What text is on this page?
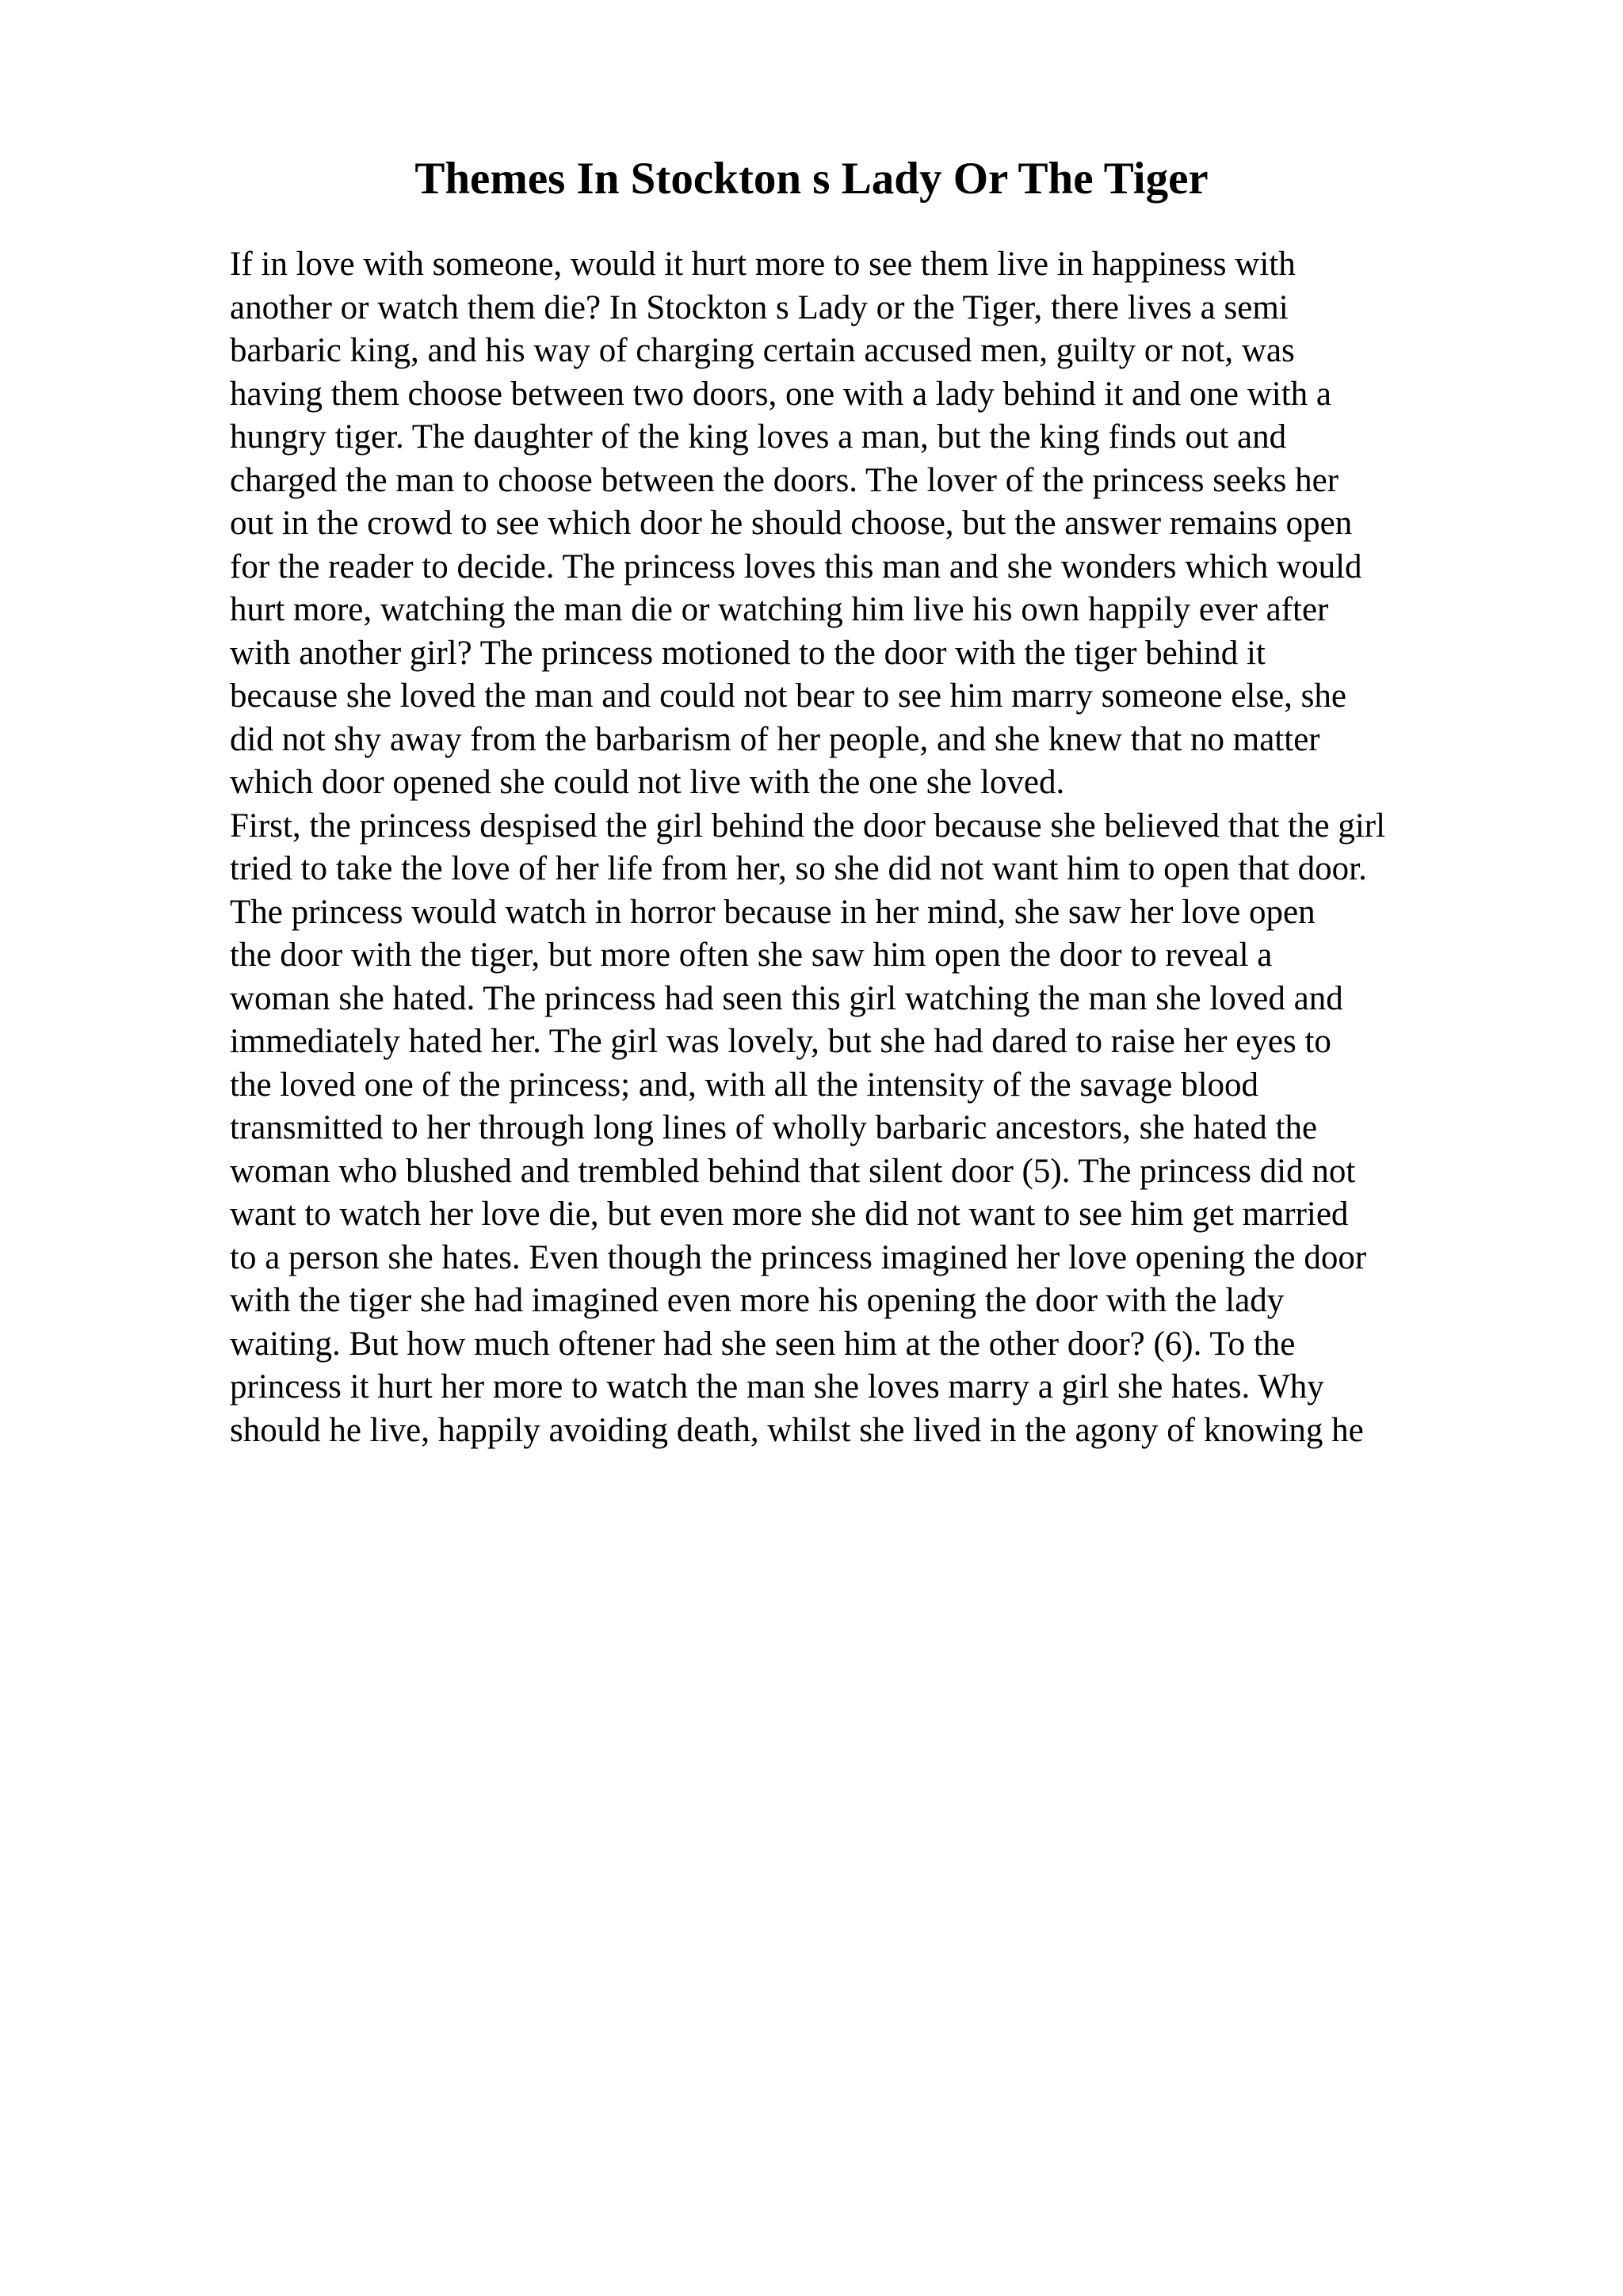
Themes In Stockton s Lady Or The Tiger
If in love with someone, would it hurt more to see them live in happiness with
another or watch them die? In Stockton s Lady or the Tiger, there lives a semi
barbaric king, and his way of charging certain accused men, guilty or not, was
having them choose between two doors, one with a lady behind it and one with a
hungry tiger. The daughter of the king loves a man, but the king finds out and
charged the man to choose between the doors. The lover of the princess seeks her
out in the crowd to see which door he should choose, but the answer remains open
for the reader to decide. The princess loves this man and she wonders which would
hurt more, watching the man die or watching him live his own happily ever after
with another girl? The princess motioned to the door with the tiger behind it
because she loved the man and could not bear to see him marry someone else, she
did not shy away from the barbarism of her people, and she knew that no matter
which door opened she could not live with the one she loved.
First, the princess despised the girl behind the door because she believed that the girl
tried to take the love of her life from her, so she did not want him to open that door.
The princess would watch in horror because in her mind, she saw her love open
the door with the tiger, but more often she saw him open the door to reveal a
woman she hated. The princess had seen this girl watching the man she loved and
immediately hated her. The girl was lovely, but she had dared to raise her eyes to
the loved one of the princess; and, with all the intensity of the savage blood
transmitted to her through long lines of wholly barbaric ancestors, she hated the
woman who blushed and trembled behind that silent door (5). The princess did not
want to watch her love die, but even more she did not want to see him get married
to a person she hates. Even though the princess imagined her love opening the door
with the tiger she had imagined even more his opening the door with the lady
waiting. But how much oftener had she seen him at the other door? (6). To the
princess it hurt her more to watch the man she loves marry a girl she hates. Why
should he live, happily avoiding death, whilst she lived in the agony of knowing he
